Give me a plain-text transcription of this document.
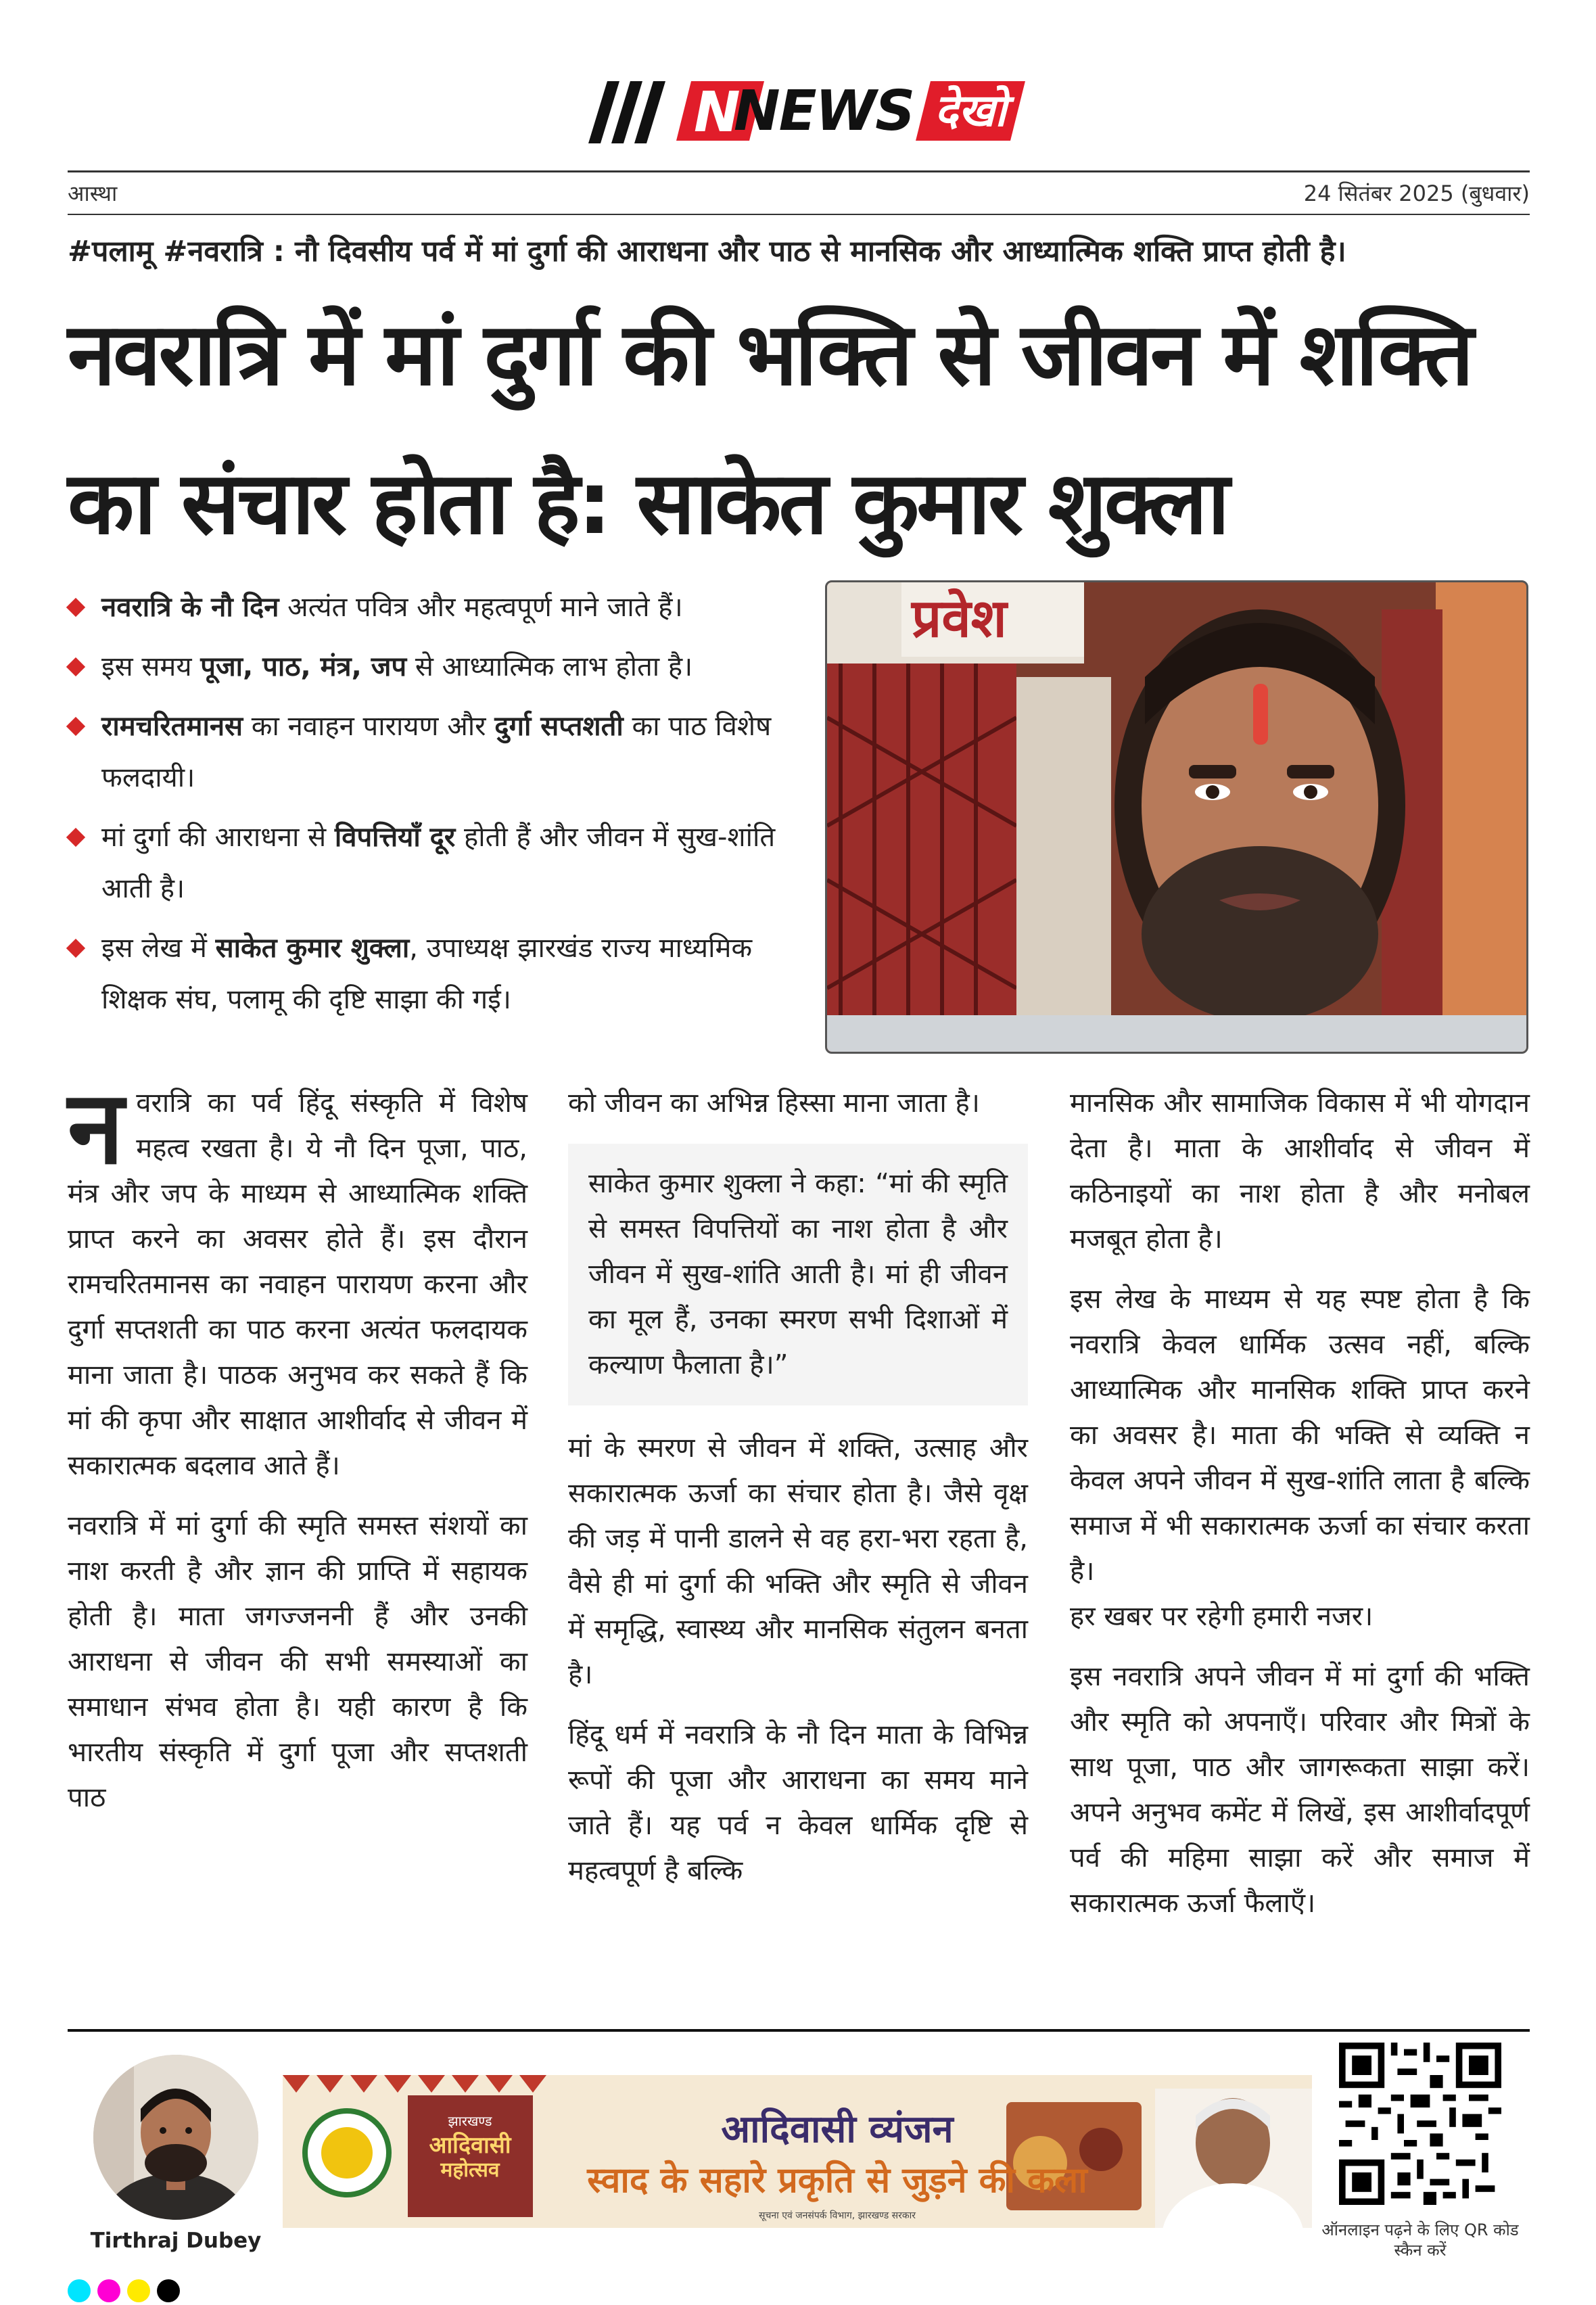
N
NEWS देखो
आस्था	24 सितंबर 2025 (बुधवार)
#पलामू #नवरात्रि : नौ दिवसीय पर्व में मां दुर्गा की आराधना और पाठ से मानसिक और आध्यात्मिक शक्ति प्राप्त होती है।
नवरात्रि में मां दुर्गा की भक्ति से जीवन में शक्ति का संचार होता है: साकेत कुमार शुक्ला
नवरात्रि के नौ दिन अत्यंत पवित्र और महत्वपूर्ण माने जाते हैं।
इस समय पूजा, पाठ, मंत्र, जप से आध्यात्मिक लाभ होता है।
रामचरितमानस का नवाहन पारायण और दुर्गा सप्तशती का पाठ विशेष फलदायी।
मां दुर्गा की आराधना से विपत्तियाँ दूर होती हैं और जीवन में सुख-शांति आती है।
इस लेख में साकेत कुमार शुक्ला, उपाध्यक्ष झारखंड राज्य माध्यमिक शिक्षक संघ, पलामू की दृष्टि साझा की गई।
प्रवेश

नवरात्रि का पर्व हिंदू संस्कृति में विशेष महत्व रखता है। ये नौ दिन पूजा, पाठ, मंत्र और जप के माध्यम से आध्यात्मिक शक्ति प्राप्त करने का अवसर होते हैं। इस दौरान रामचरितमानस का नवाहन पारायण करना और दुर्गा सप्तशती का पाठ करना अत्यंत फलदायक माना जाता है। पाठक अनुभव कर सकते हैं कि मां की कृपा और साक्षात आशीर्वाद से जीवन में सकारात्मक बदलाव आते हैं।

नवरात्रि में मां दुर्गा की स्मृति समस्त संशयों का नाश करती है और ज्ञान की प्राप्ति में सहायक होती है। माता जगज्जननी हैं और उनकी आराधना से जीवन की सभी समस्याओं का समाधान संभव होता है। यही कारण है कि भारतीय संस्कृति में दुर्गा पूजा और सप्तशती पाठ

को जीवन का अभिन्न हिस्सा माना जाता है।

साकेत कुमार शुक्ला ने कहा: “मां की स्मृति से समस्त विपत्तियों का नाश होता है और जीवन में सुख-शांति आती है। मां ही जीवन का मूल हैं, उनका स्मरण सभी दिशाओं में कल्याण फैलाता है।”

मां के स्मरण से जीवन में शक्ति, उत्साह और सकारात्मक ऊर्जा का संचार होता है। जैसे वृक्ष की जड़ में पानी डालने से वह हरा-भरा रहता है, वैसे ही मां दुर्गा की भक्ति और स्मृति से जीवन में समृद्धि, स्वास्थ्य और मानसिक संतुलन बनता है।

हिंदू धर्म में नवरात्रि के नौ दिन माता के विभिन्न रूपों की पूजा और आराधना का समय माने जाते हैं। यह पर्व न केवल धार्मिक दृष्टि से महत्वपूर्ण है बल्कि

मानसिक और सामाजिक विकास में भी योगदान देता है। माता के आशीर्वाद से जीवन में कठिनाइयों का नाश होता है और मनोबल मजबूत होता है।

इस लेख के माध्यम से यह स्पष्ट होता है कि नवरात्रि केवल धार्मिक उत्सव नहीं, बल्कि आध्यात्मिक और मानसिक शक्ति प्राप्त करने का अवसर है। माता की भक्ति से व्यक्ति न केवल अपने जीवन में सुख-शांति लाता है बल्कि समाज में भी सकारात्मक ऊर्जा का संचार करता है।

हर खबर पर रहेगी हमारी नजर।

इस नवरात्रि अपने जीवन में मां दुर्गा की भक्ति और स्मृति को अपनाएँ। परिवार और मित्रों के साथ पूजा, पाठ और जागरूकता साझा करें। अपने अनुभव कमेंट में लिखें, इस आशीर्वादपूर्ण पर्व की महिमा साझा करें और समाज में सकारात्मक ऊर्जा फैलाएँ।

Tirthraj Dubey
झारखण्ड
आदिवासी
महोत्सव
आदिवासी व्यंजन
स्वाद के सहारे प्रकृति से जुड़ने की कला
सूचना एवं जनसंपर्क विभाग, झारखण्ड सरकार
ऑनलाइन पढ़ने के लिए QR कोड स्कैन करें
